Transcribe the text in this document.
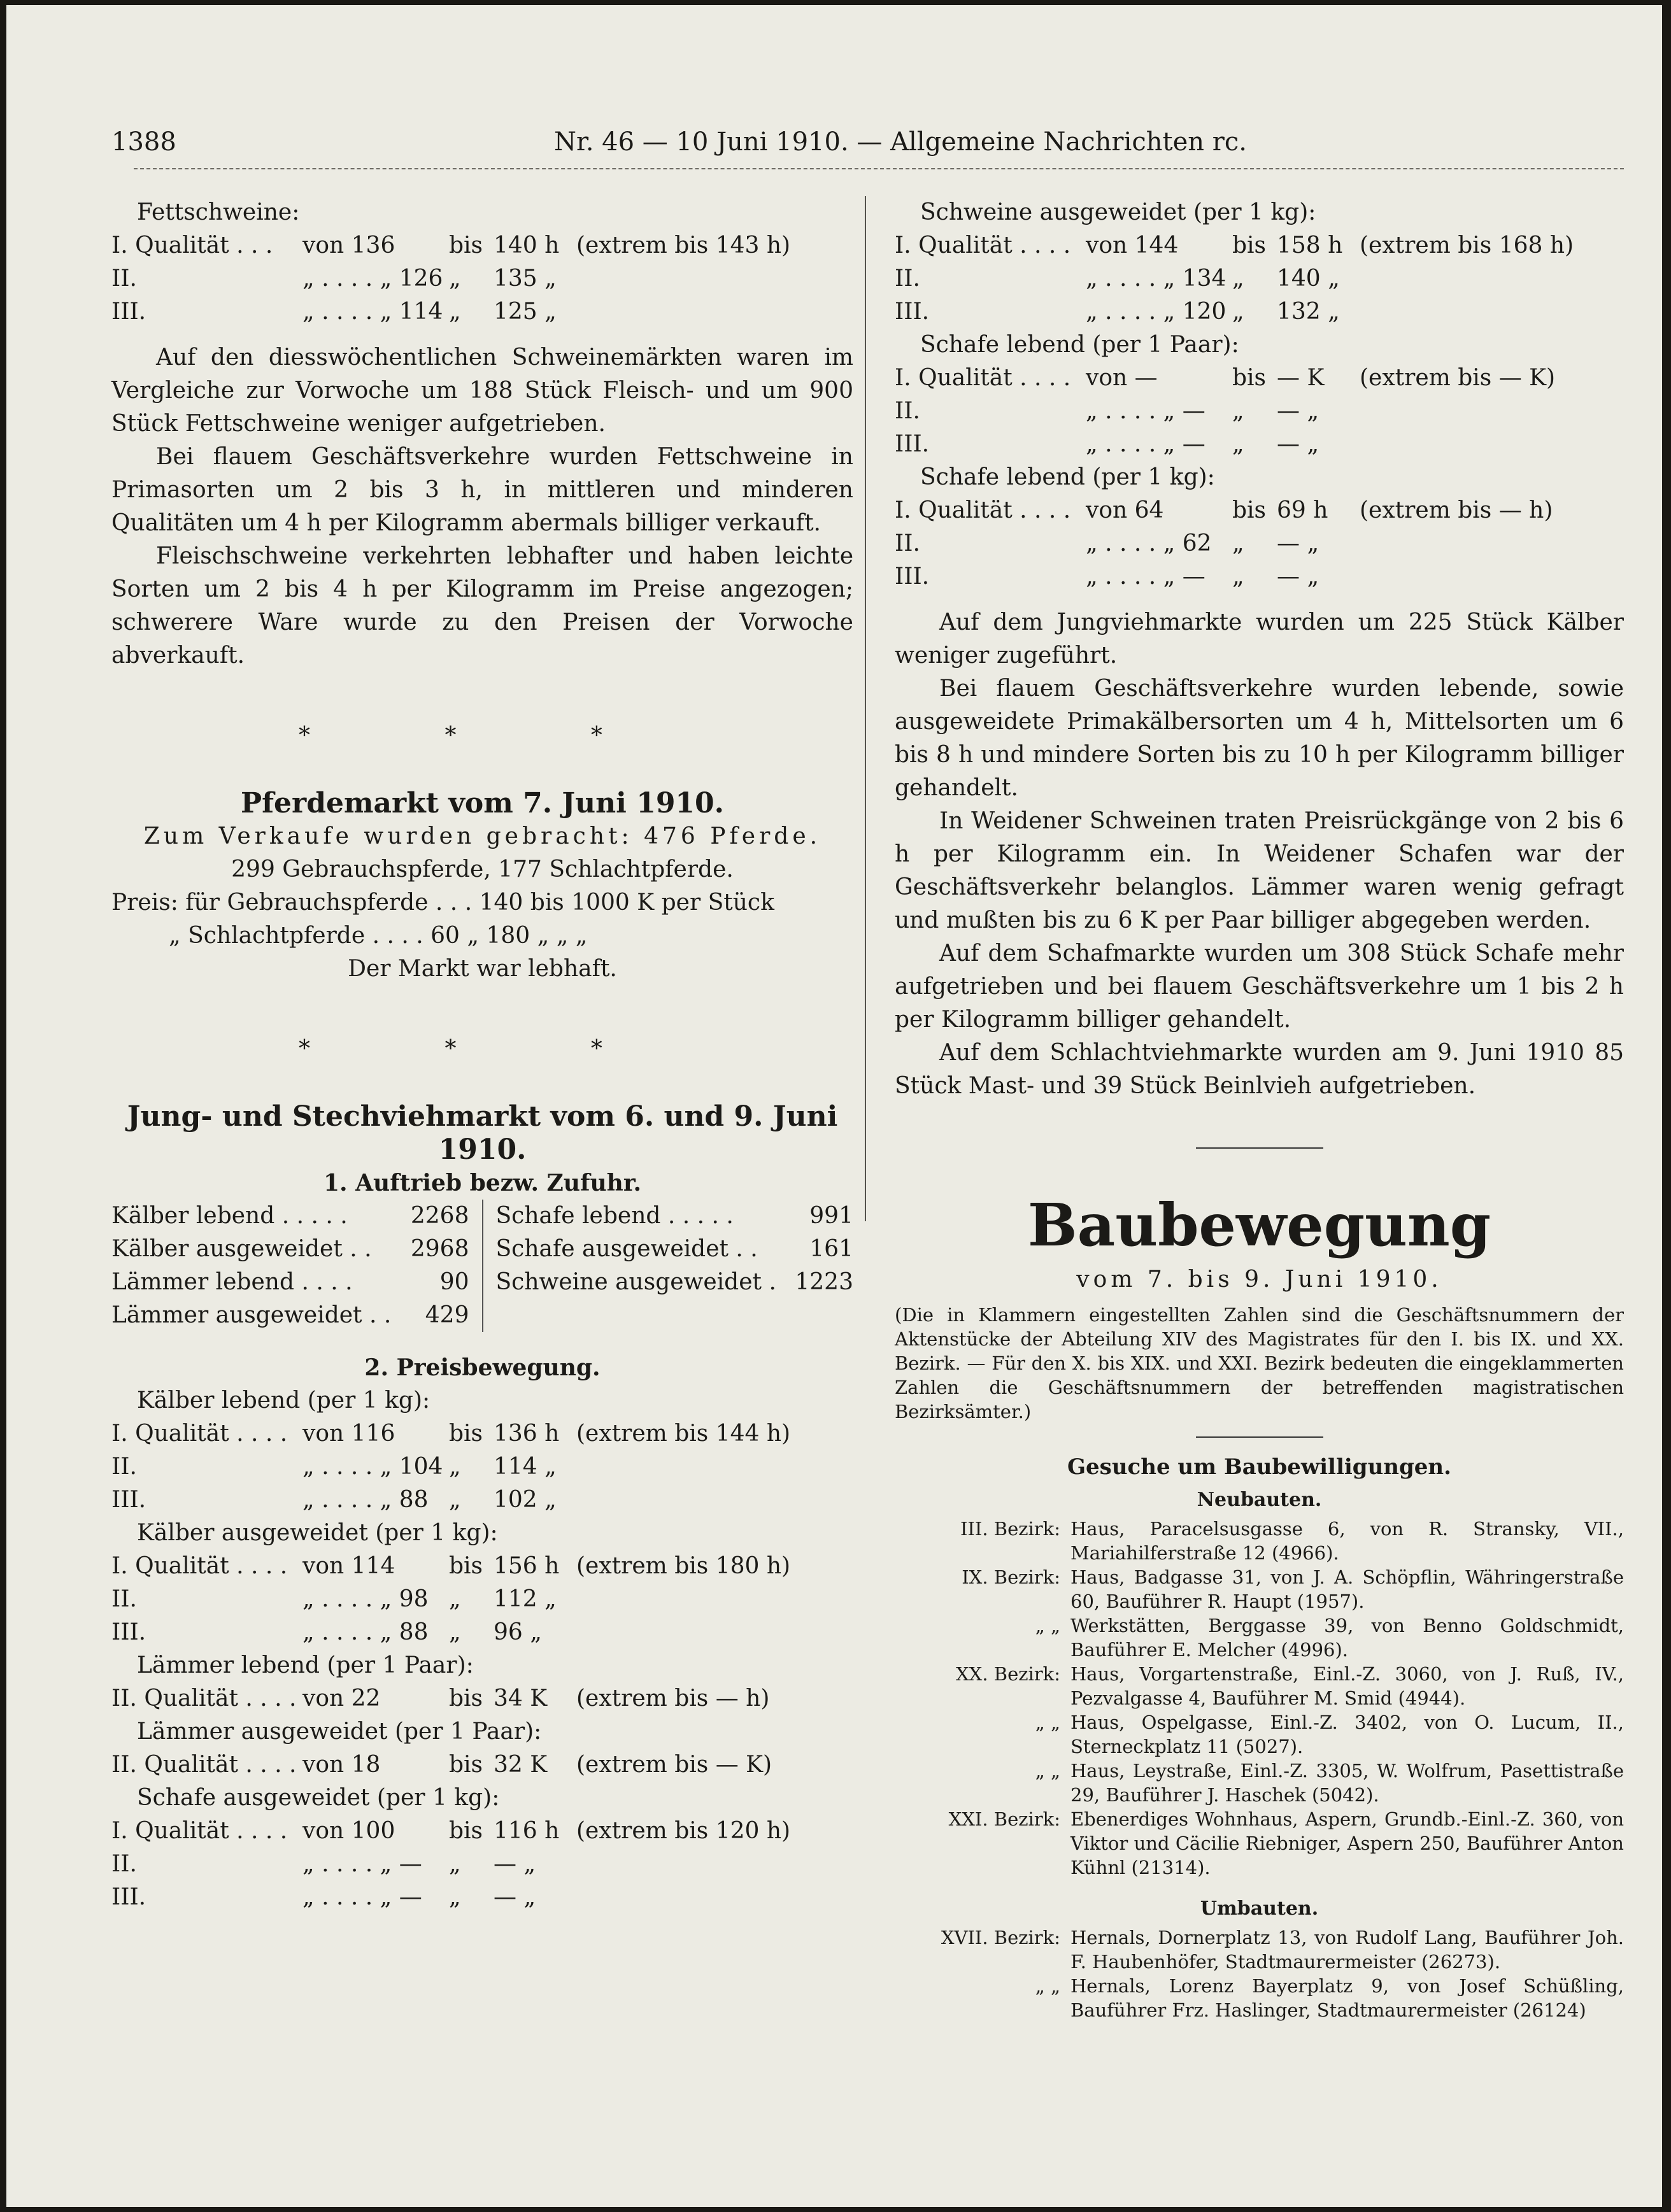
1388	Nr. 46 — 10 Juni 1910. — Allgemeine Nachrichten rc.
Fettschweine:
I. Qualität . . .	von 136	bis 140 h (extrem bis 143 h)
II.	„ . . . . „ 126 „	135 „
III.	„ . . . . „ 114 „	125 „

Auf den diesswöchentlichen Schweinemärkten waren im Vergleiche zur Vorwoche um 188 Stück Fleisch- und um 900 Stück Fettschweine weniger aufgetrieben.

Bei flauem Geschäftsverkehre wurden Fettschweine in Primasorten um 2 bis 3 h, in mittleren und minderen Qualitäten um 4 h per Kilogramm abermals billiger verkauft.

Fleischschweine verkehrten lebhafter und haben leichte Sorten um 2 bis 4 h per Kilogramm im Preise angezogen; schwerere Ware wurde zu den Preisen der Vorwoche abverkauft.

* * *
Pferdemarkt vom 7. Juni 1910.
Zum Verkaufe wurden gebracht: 476 Pferde.
299 Gebrauchspferde, 177 Schlachtpferde.
Preis: für Gebrauchspferde . . . 140 bis 1000 K per Stück
„ Schlachtpferde . . . . 60 „ 180 „ „ „
Der Markt war lebhaft.
* * *
Jung- und Stechviehmarkt vom 6. und 9. Juni 1910.
1. Auftrieb bezw. Zufuhr.
Kälber lebend . . . . .	2268
Kälber ausgeweidet . . 2968
Lämmer lebend . . . .	90
Lämmer ausgeweidet . . 429
Schafe lebend . . . . .	991
Schafe ausgeweidet . . 161
Schweine ausgeweidet . 1223
2. Preisbewegung.
Kälber lebend (per 1 kg):
I. Qualität . . . . von 116	bis 136 h (extrem bis 144 h)
II.	„ . . . . „ 104 „	114 „
III.	„ . . . . „ 88 „	102 „
Kälber ausgeweidet (per 1 kg):
I. Qualität . . . . von 114	bis 156 h (extrem bis 180 h)
II.	„ . . . . „ 98 „	112 „
III.	„ . . . . „ 88 „	96 „
Lämmer lebend (per 1 Paar):
II. Qualität . . . . von 22	bis 34 K	(extrem bis — h)
Lämmer ausgeweidet (per 1 Paar):
II. Qualität . . . . von 18	bis 32 K	(extrem bis — K)
Schafe ausgeweidet (per 1 kg):
I. Qualität . . . . von 100	bis 116 h (extrem bis 120 h)
II.	„ . . . . „ —	„	— „
III.	„ . . . . „ —	„	— „
Schweine ausgeweidet (per 1 kg):
I. Qualität . . . . von 144	bis 158 h (extrem bis 168 h)
II.	„ . . . . „ 134 „	140 „
III.	„ . . . . „ 120 „	132 „
Schafe lebend (per 1 Paar):
I. Qualität . . . . von —	bis — K	(extrem bis — K)
II.	„ . . . . „ —	„	— „
III.	„ . . . . „ —	„	— „
Schafe lebend (per 1 kg):
I. Qualität . . . . von 64	bis 69 h	(extrem bis — h)
II.	„ . . . . „ 62 „	— „
III.	„ . . . . „ —	„	— „

Auf dem Jungviehmarkte wurden um 225 Stück Kälber weniger zugeführt.

Bei flauem Geschäftsverkehre wurden lebende, sowie ausgeweidete Primakälbersorten um 4 h, Mittelsorten um 6 bis 8 h und mindere Sorten bis zu 10 h per Kilogramm billiger gehandelt.

In Weidener Schweinen traten Preisrückgänge von 2 bis 6 h per Kilogramm ein. In Weidener Schafen war der Geschäftsverkehr belanglos. Lämmer waren wenig gefragt und mußten bis zu 6 K per Paar billiger abgegeben werden.

Auf dem Schafmarkte wurden um 308 Stück Schafe mehr aufgetrieben und bei flauem Geschäftsverkehre um 1 bis 2 h per Kilogramm billiger gehandelt.

Auf dem Schlachtviehmarkte wurden am 9. Juni 1910 85 Stück Mast- und 39 Stück Beinlvieh aufgetrieben.

Baubewegung
vom 7. bis 9. Juni 1910.
(Die in Klammern eingestellten Zahlen sind die Geschäftsnummern der Aktenstücke der Abteilung XIV des Magistrates für den I. bis IX. und XX. Bezirk. — Für den X. bis XIX. und XXI. Bezirk bedeuten die eingeklammerten Zahlen die Geschäftsnummern der betreffenden magistratischen Bezirksämter.)
Gesuche um Baubewilligungen.
Neubauten.
III. Bezirk: Haus, Paracelsusgasse 6, von R. Stransky, VII., Mariahilferstraße 12 (4966).
IX. Bezirk: Haus, Badgasse 31, von J. A. Schöpflin, Währingerstraße 60, Bauführer R. Haupt (1957).
„ „ Werkstätten, Berggasse 39, von Benno Goldschmidt, Bauführer E. Melcher (4996).
XX. Bezirk: Haus, Vorgartenstraße, Einl.-Z. 3060, von J. Ruß, IV., Pezvalgasse 4, Bauführer M. Smid (4944).
„ „ Haus, Ospelgasse, Einl.-Z. 3402, von O. Lucum, II., Sterneckplatz 11 (5027).
„ „ Haus, Leystraße, Einl.-Z. 3305, W. Wolfrum, Pasettistraße 29, Bauführer J. Haschek (5042).
XXI. Bezirk: Ebenerdiges Wohnhaus, Aspern, Grundb.-Einl.-Z. 360, von Viktor und Cäcilie Riebniger, Aspern 250, Bauführer Anton Kühnl (21314).
Umbauten.
XVII. Bezirk: Hernals, Dornerplatz 13, von Rudolf Lang, Bauführer Joh. F. Haubenhöfer, Stadtmaurermeister (26273).
„ „ Hernals, Lorenz Bayerplatz 9, von Josef Schüßling, Bauführer Frz. Haslinger, Stadtmaurermeister (26124)
